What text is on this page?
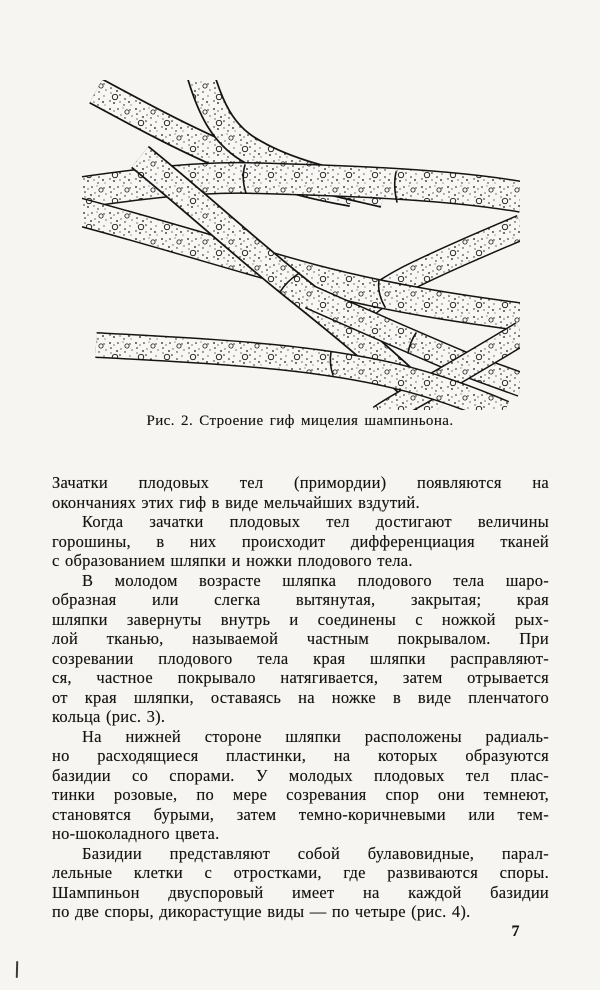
Рис. 2. Строение гиф мицелия шампиньона.
Зачатки плодовых тел (примордии) появляются на
окончаниях этих гиф в виде мельчайших вздутий.
Когда зачатки плодовых тел достигают величины
горошины, в них происходит дифференциация тканей
с образованием шляпки и ножки плодового тела.
В молодом возрасте шляпка плодового тела шаро-
образная или слегка вытянутая, закрытая; края
шляпки завернуты внутрь и соединены с ножкой рых-
лой тканью, называемой частным покрывалом. При
созревании плодового тела края шляпки расправляют-
ся, частное покрывало натягивается, затем отрывается
от края шляпки, оставаясь на ножке в виде пленчатого
кольца (рис. 3).
На нижней стороне шляпки расположены радиаль-
но расходящиеся пластинки, на которых образуются
базидии со спорами. У молодых плодовых тел плас-
тинки розовые, по мере созревания спор они темнеют,
становятся бурыми, затем темно-коричневыми или тем-
но-шоколадного цвета.
Базидии представляют собой булавовидные, парал-
лельные клетки с отростками, где развиваются споры.
Шампиньон двуспоровый имеет на каждой базидии
по две споры, дикорастущие виды — по четыре (рис. 4).
7
